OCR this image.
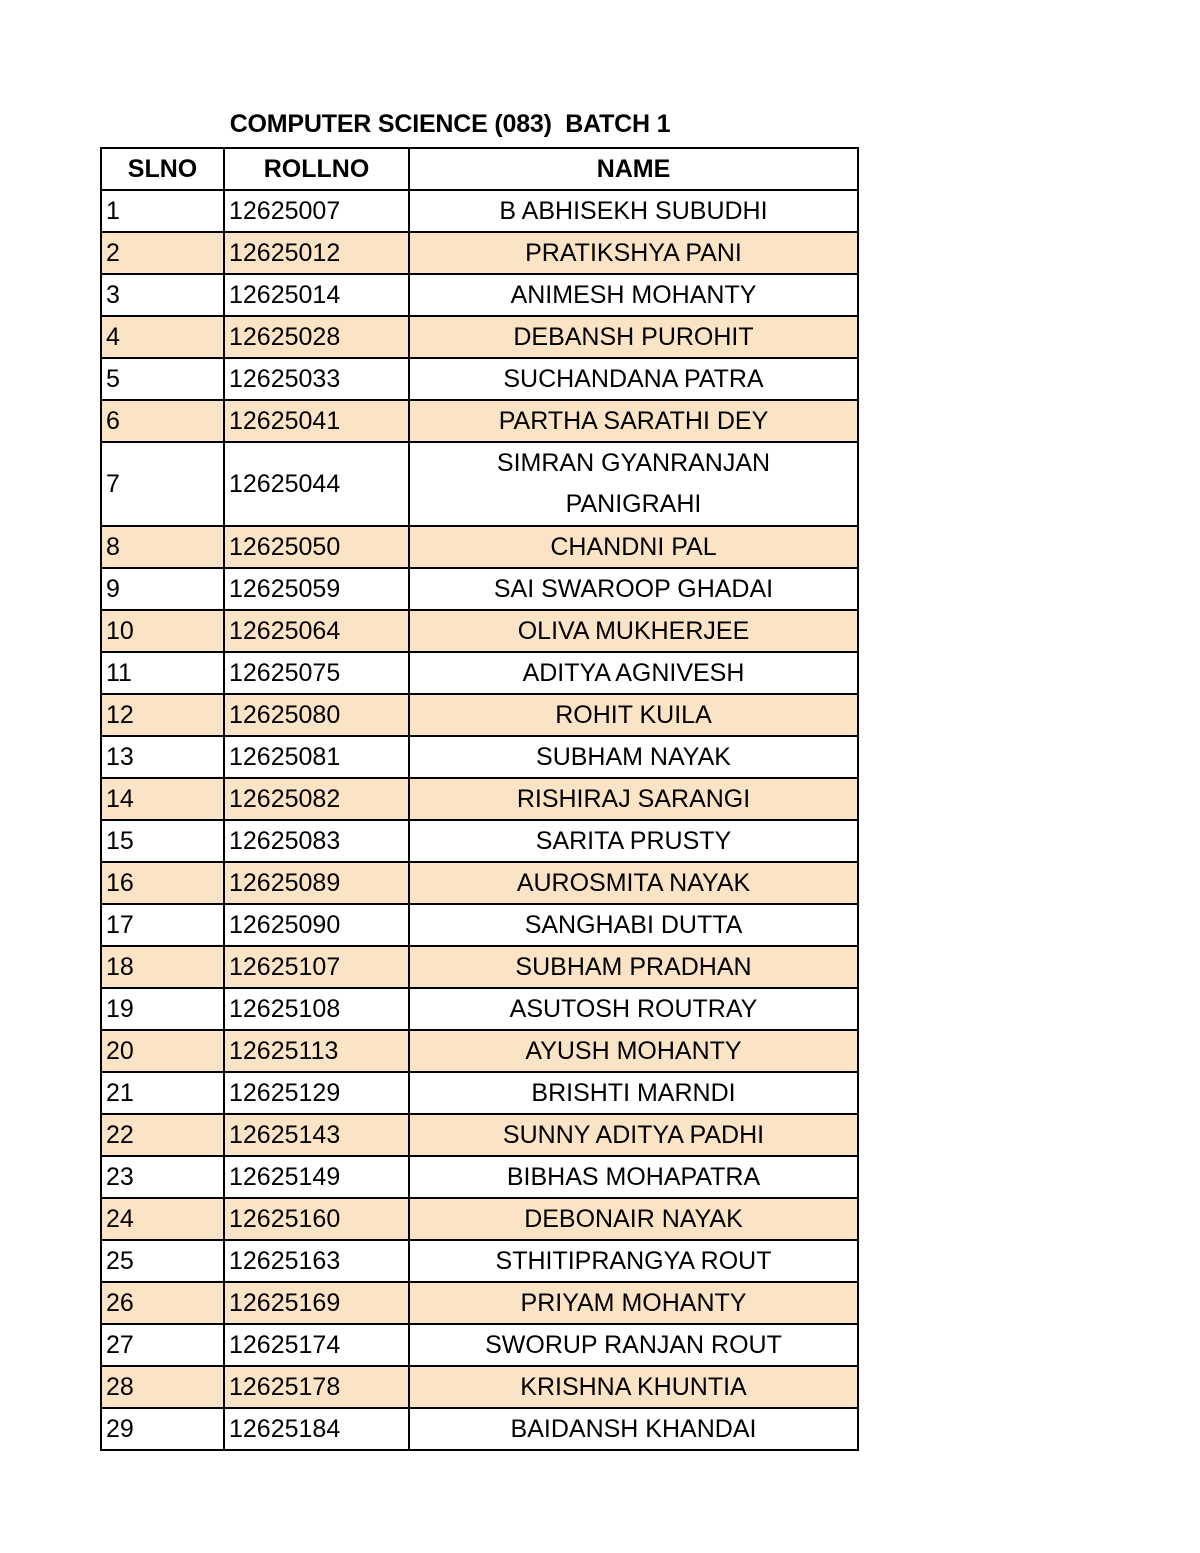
COMPUTER SCIENCE (083)  BATCH 1
SLNO	ROLLNO	NAME
1	12625007	B ABHISEKH SUBUDHI
2	12625012	PRATIKSHYA PANI
3	12625014	ANIMESH MOHANTY
4	12625028	DEBANSH PUROHIT
5	12625033	SUCHANDANA PATRA
6	12625041	PARTHA SARATHI DEY
7	12625044	SIMRAN GYANRANJAN PANIGRAHI
8	12625050	CHANDNI PAL
9	12625059	SAI SWAROOP GHADAI
10	12625064	OLIVA MUKHERJEE
11	12625075	ADITYA AGNIVESH
12	12625080	ROHIT KUILA
13	12625081	SUBHAM NAYAK
14	12625082	RISHIRAJ SARANGI
15	12625083	SARITA PRUSTY
16	12625089	AUROSMITA NAYAK
17	12625090	SANGHABI DUTTA
18	12625107	SUBHAM PRADHAN
19	12625108	ASUTOSH ROUTRAY
20	12625113	AYUSH MOHANTY
21	12625129	BRISHTI MARNDI
22	12625143	SUNNY ADITYA PADHI
23	12625149	BIBHAS MOHAPATRA
24	12625160	DEBONAIR NAYAK
25	12625163	STHITIPRANGYA ROUT
26	12625169	PRIYAM MOHANTY
27	12625174	SWORUP RANJAN ROUT
28	12625178	KRISHNA KHUNTIA
29	12625184	BAIDANSH KHANDAI
